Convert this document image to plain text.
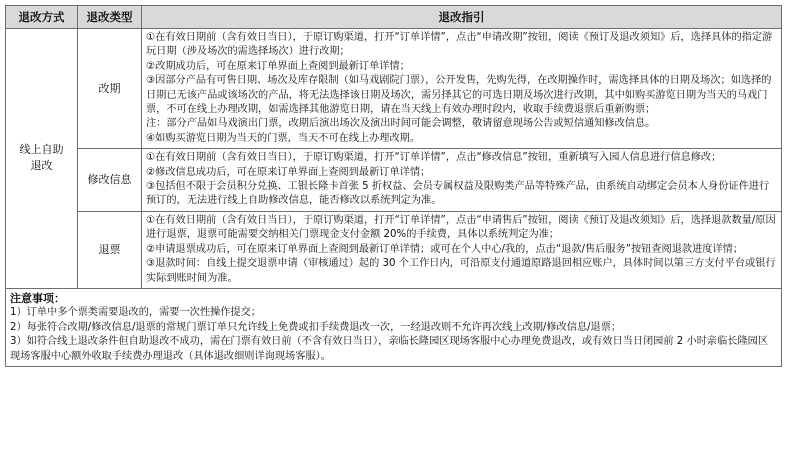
退改方式	退改类型	退改指引
线上自助退改	改期	①在有效日期前（含有效日当日），于原订购渠道，打开“订单详情”，点击“申请改期”按钮，阅读《预订及退改须知》后，选择具体的指定游玩日期（涉及场次的需选择场次）进行改期；

②改期成功后，可在原来订单界面上查阅到最新订单详情；

③因部分产品有可售日期、场次及库存限制（如马戏剧院门票），公开发售，先购先得，在改期操作时，需选择具体的日期及场次；如选择的日期已无该产品或该场次的产品，将无法选择该日期及场次，需另择其它的可选日期及场次进行改期，其中如购买游览日期为当天的马戏门票，不可在线上办理改期，如需选择其他游览日期，请在当天线上有效办理时段内，收取手续费退票后重新购票；

注：部分产品如马戏演出门票，改期后演出场次及演出时间可能会调整，敬请留意现场公告或短信通知修改信息。

④如购买游览日期为当天的门票，当天不可在线上办理改期。

	修改信息	①在有效日期前（含有效日当日），于原订购渠道，打开“订单详情”，点击“修改信息”按钮，重新填写入园人信息进行信息修改；

②修改信息成功后，可在原来订单界面上查阅到最新订单详情；

③包括但不限于会员积分兑换、工银长隆卡首张 5 折权益、会员专属权益及限购类产品等特殊产品，由系统自动绑定会员本人身份证件进行预订的，无法进行线上自助修改信息，能否修改以系统判定为准。

	退票	①在有效日期前（含有效日当日），于原订购渠道，打开“订单详情”，点击“申请售后”按钮，阅读《预订及退改须知》后，选择退款数量/原因进行退票，退票可能需要交纳相关门票现金支付金额 20%的手续费，具体以系统判定为准；

②申请退票成功后，可在原来订单界面上查阅到最新订单详情；或可在个人中心/我的，点击“退款/售后服务”按钮查阅退款进度详情；

③退款时间：自线上提交退票申请（审核通过）起的 30 个工作日内，可沿原支付通道原路退回相应账户，具体时间以第三方支付平台或银行实际到账时间为准。

注意事项：

1）订单中多个票类需要退改的，需要一次性操作提交；

2）每张符合改期/修改信息/退票的常规门票订单只允许线上免费或扣手续费退改一次，一经退改则不允许再次线上改期/修改信息/退票；

3）如符合线上退改条件但自助退改不成功，需在门票有效日前（不含有效日当日），亲临长隆园区现场客服中心办理免费退改，或有效日当日闭园前 2 小时亲临长隆园区现场客服中心额外收取手续费办理退改（具体退改细则详询现场客服）。		
